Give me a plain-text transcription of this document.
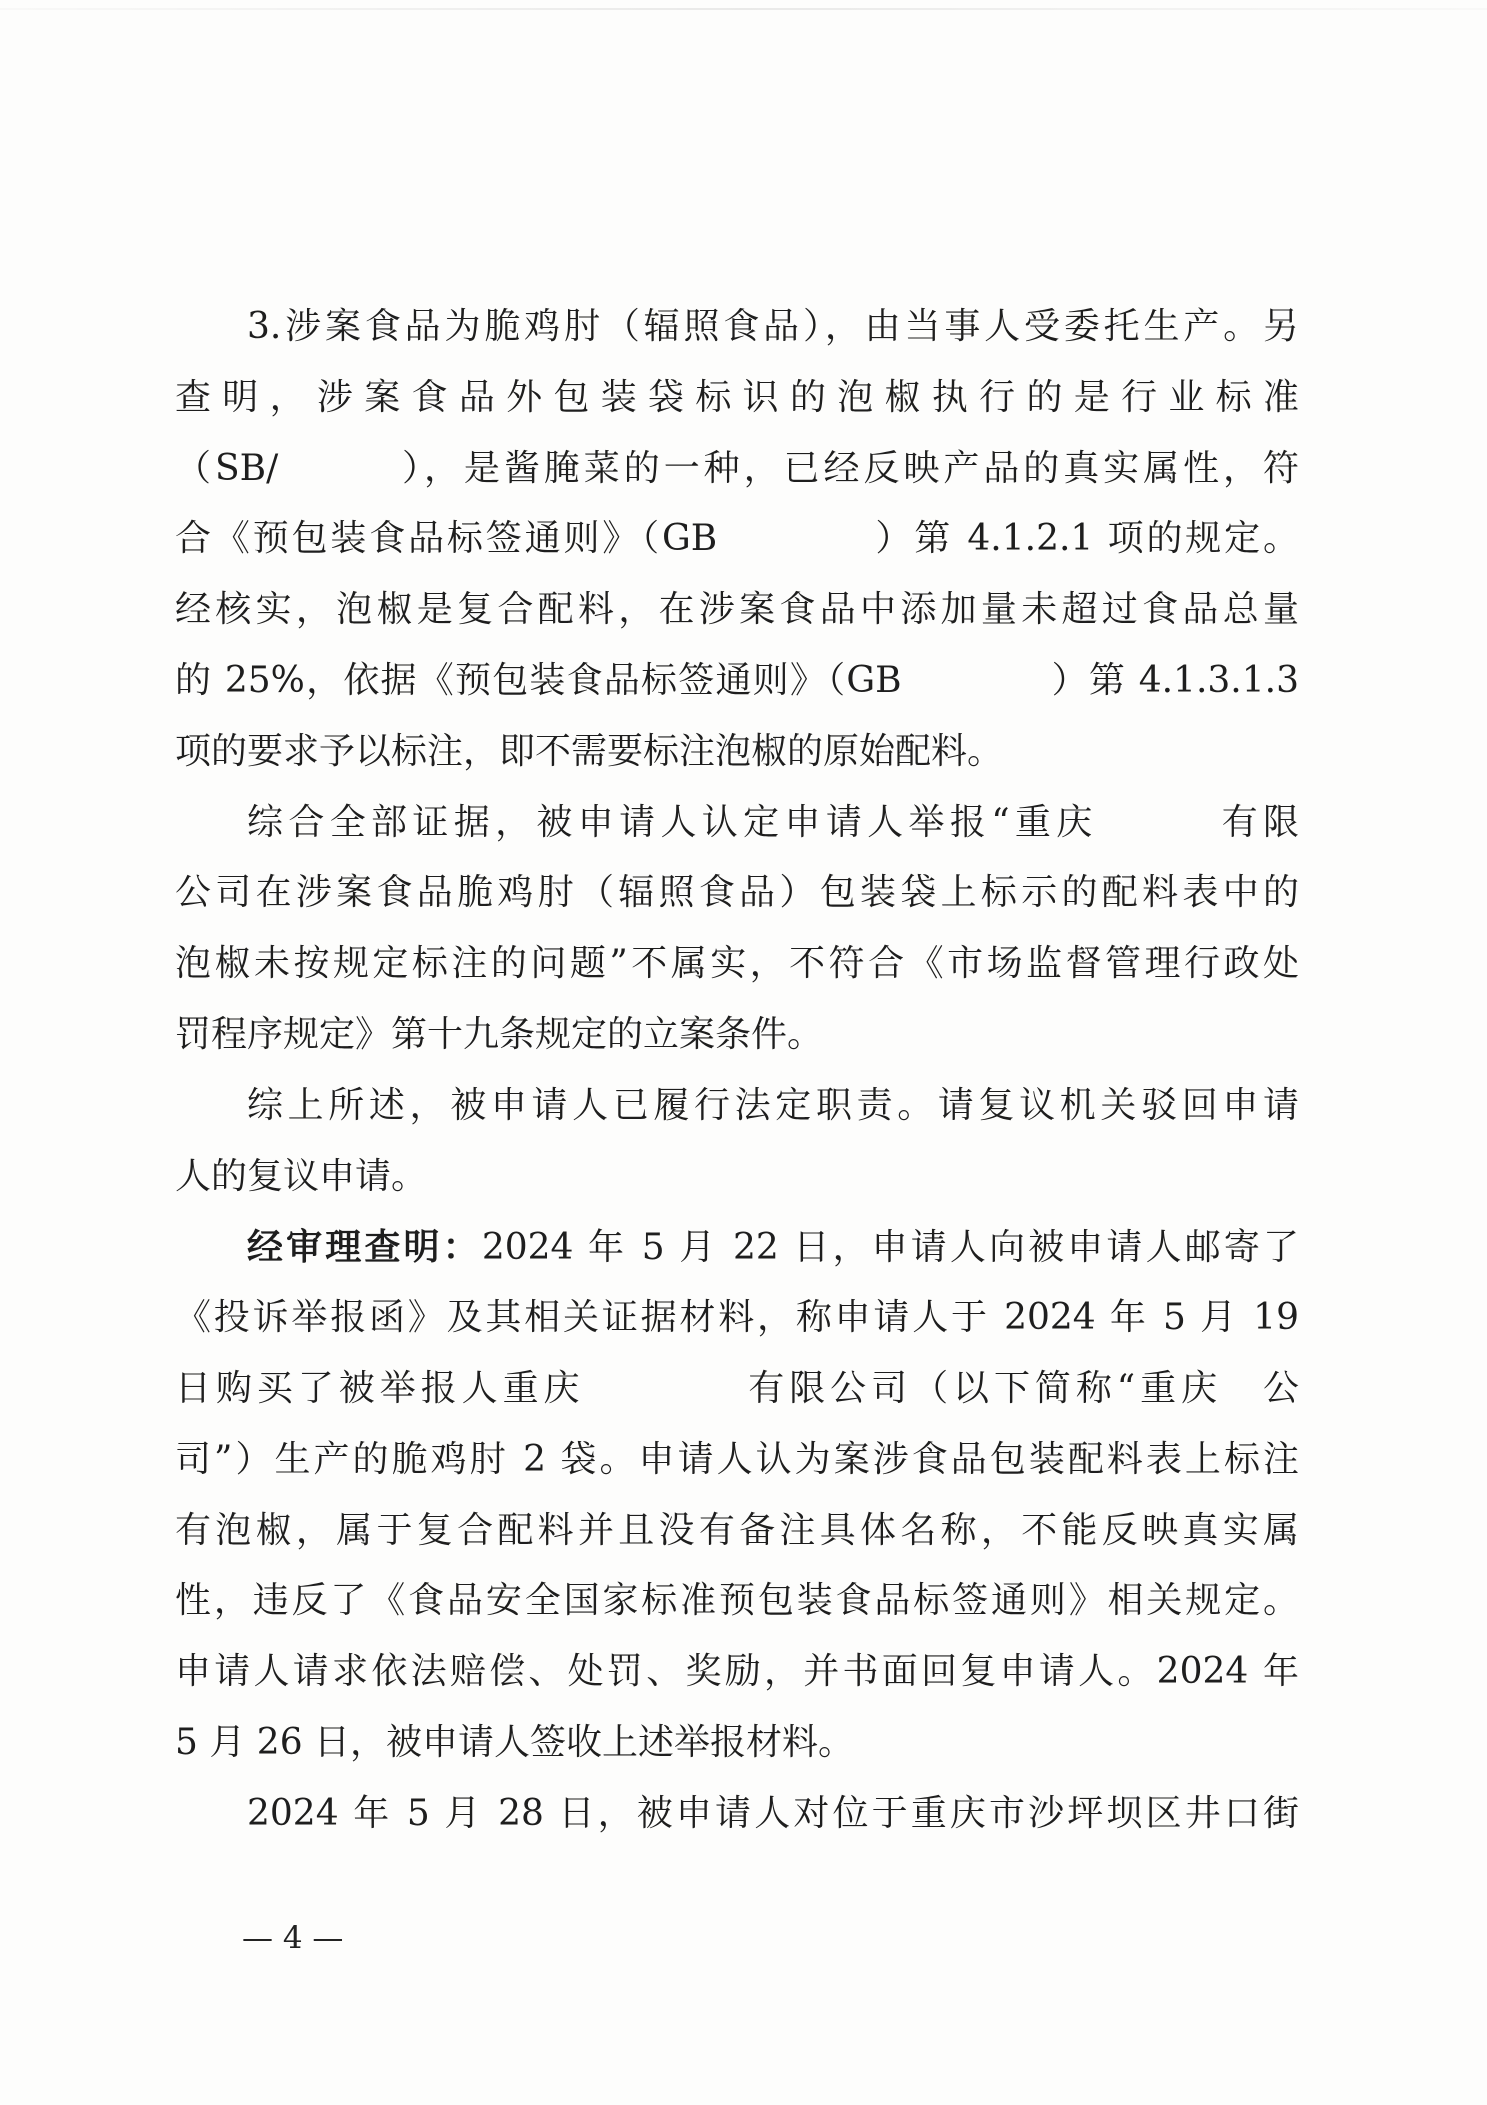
3.涉案食品为脆鸡肘（辐照食品），由当事人受委托生产。另
查明，涉案食品外包装袋标识的泡椒执行的是行业标准
（SB/　　　），是酱腌菜的一种，已经反映产品的真实属性，符
合《预包装食品标签通则》（GB　　　　）第 4.1.2.1 项的规定。
经核实，泡椒是复合配料，在涉案食品中添加量未超过食品总量
的 25%，依据《预包装食品标签通则》（GB　　　　）第 4.1.3.1.3
项的要求予以标注，即不需要标注泡椒的原始配料。
综合全部证据，被申请人认定申请人举报“重庆　　　有限
公司在涉案食品脆鸡肘（辐照食品）包装袋上标示的配料表中的
泡椒未按规定标注的问题”不属实，不符合《市场监督管理行政处
罚程序规定》第十九条规定的立案条件。
综上所述，被申请人已履行法定职责。请复议机关驳回申请
人的复议申请。
经审理查明：2024 年 5 月 22 日，申请人向被申请人邮寄了
《投诉举报函》及其相关证据材料，称申请人于 2024 年 5 月 19
日购买了被举报人重庆　　　　有限公司（以下简称“重庆　公
司”）生产的脆鸡肘 2 袋。申请人认为案涉食品包装配料表上标注
有泡椒，属于复合配料并且没有备注具体名称，不能反映真实属
性，违反了《食品安全国家标准预包装食品标签通则》相关规定。
申请人请求依法赔偿、处罚、奖励，并书面回复申请人。2024 年
5 月 26 日，被申请人签收上述举报材料。
2024 年 5 月 28 日，被申请人对位于重庆市沙坪坝区井口街
— 4 —
